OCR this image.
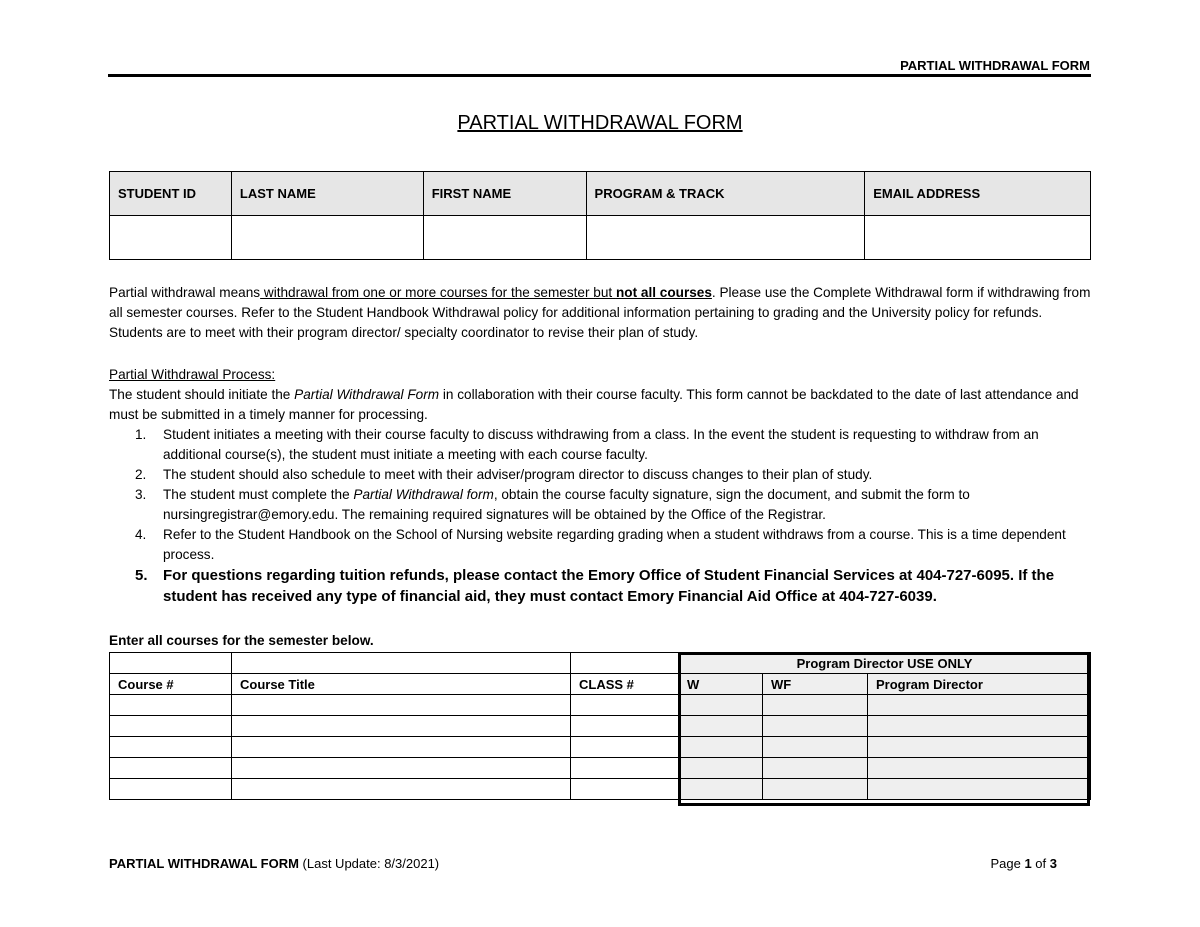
PARTIAL WITHDRAWAL FORM
PARTIAL WITHDRAWAL FORM
STUDENT ID	LAST NAME	FIRST NAME	PROGRAM & TRACK	EMAIL ADDRESS

Partial withdrawal means withdrawal from one or more courses for the semester but not all courses. Please use the Complete Withdrawal form if withdrawing from all semester courses. Refer to the Student Handbook Withdrawal policy for additional information pertaining to grading and the University policy for refunds. Students are to meet with their program director/ specialty coordinator to revise their plan of study.
Partial Withdrawal Process:
The student should initiate the Partial Withdrawal Form in collaboration with their course faculty. This form cannot be backdated to the date of last attendance and must be submitted in a timely manner for processing.
1. Student initiates a meeting with their course faculty to discuss withdrawing from a class. In the event the student is requesting to withdraw from an additional course(s), the student must initiate a meeting with each course faculty.
2. The student should also schedule to meet with their adviser/program director to discuss changes to their plan of study.
3. The student must complete the Partial Withdrawal form, obtain the course faculty signature, sign the document, and submit the form to nursingregistrar@emory.edu. The remaining required signatures will be obtained by the Office of the Registrar.
4. Refer to the Student Handbook on the School of Nursing website regarding grading when a student withdraws from a course. This is a time dependent process.
5. For questions regarding tuition refunds, please contact the Emory Office of Student Financial Services at 404-727-6095. If the student has received any type of financial aid, they must contact Emory Financial Aid Office at 404-727-6039.
Enter all courses for the semester below.
			Program Director USE ONLY		
Course #	Course Title	CLASS #	W	WF	Program Director

PARTIAL WITHDRAWAL FORM (Last Update: 8/3/2021)	Page 1 of 3
